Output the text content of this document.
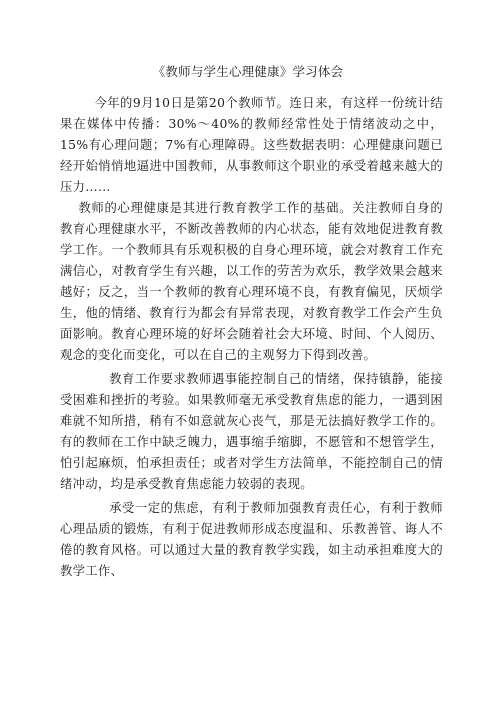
《教师与学生心理健康》学习体会

今年的9月10日是第20个教师节。连日来，有这样一份统计结果在媒体中传播：30%～40%的教师经常性处于情绪波动之中，15%有心理问题；7%有心理障碍。这些数据表明：心理健康问题已经开始悄悄地逼进中国教师，从事教师这个职业的承受着越来越大的压力……

教师的心理健康是其进行教育教学工作的基础。关注教师自身的教育心理健康水平，不断改善教师的内心状态，能有效地促进教育教学工作。一个教师具有乐观积极的自身心理环境，就会对教育工作充满信心，对教育学生有兴趣，以工作的劳苦为欢乐，教学效果会越来越好；反之，当一个教师的教育心理环境不良，有教育偏见，厌烦学生，他的情绪、教育行为都会有异常表现，对教育教学工作会产生负面影响。教育心理环境的好坏会随着社会大环境、时间、个人阅历、观念的变化而变化，可以在自己的主观努力下得到改善。

教育工作要求教师遇事能控制自己的情绪，保持镇静，能接受困难和挫折的考验。如果教师毫无承受教育焦虑的能力，一遇到困难就不知所措，稍有不如意就灰心丧气，那是无法搞好教学工作的。有的教师在工作中缺乏魄力，遇事缩手缩脚，不愿管和不想管学生，怕引起麻烦，怕承担责任；或者对学生方法简单，不能控制自己的情绪冲动，均是承受教育焦虑能力较弱的表现。

承受一定的焦虑，有利于教师加强教育责任心，有利于教师心理品质的锻炼，有利于促进教师形成态度温和、乐教善管、诲人不倦的教育风格。可以通过大量的教育教学实践，如主动承担难度大的教学工作、
